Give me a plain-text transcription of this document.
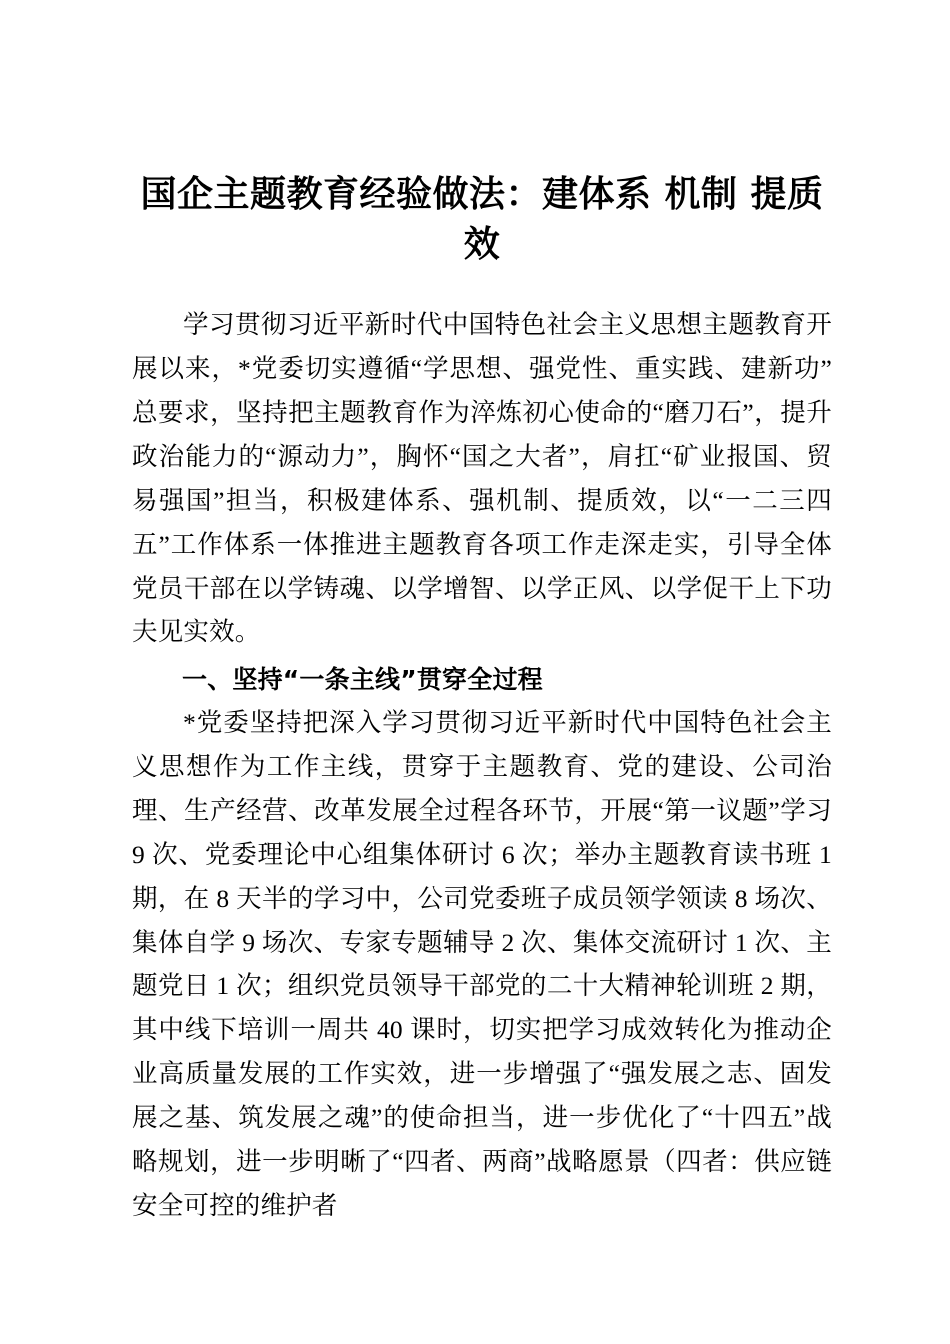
国企主题教育经验做法：建体系 机制 提质效

学习贯彻习近平新时代中国特色社会主义思想主题教育开展以来，*党委切实遵循“学思想、强党性、重实践、建新功”总要求，坚持把主题教育作为淬炼初心使命的“磨刀石”，提升政治能力的“源动力”，胸怀“国之大者”，肩扛“矿业报国、贸易强国”担当，积极建体系、强机制、提质效，以“一二三四五”工作体系一体推进主题教育各项工作走深走实，引导全体党员干部在以学铸魂、以学增智、以学正风、以学促干上下功夫见实效。

一、坚持“一条主线”贯穿全过程

*党委坚持把深入学习贯彻习近平新时代中国特色社会主义思想作为工作主线，贯穿于主题教育、党的建设、公司治理、生产经营、改革发展全过程各环节，开展“第一议题”学习 9 次、党委理论中心组集体研讨 6 次；举办主题教育读书班 1 期，在 8 天半的学习中，公司党委班子成员领学领读 8 场次、集体自学 9 场次、专家专题辅导 2 次、集体交流研讨 1 次、主题党日 1 次；组织党员领导干部党的二十大精神轮训班 2 期，其中线下培训一周共 40 课时，切实把学习成效转化为推动企业高质量发展的工作实效，进一步增强了“强发展之志、固发展之基、筑发展之魂”的使命担当，进一步优化了“十四五”战略规划，进一步明晰了“四者、两商”战略愿景（四者：供应链安全可控的维护者
